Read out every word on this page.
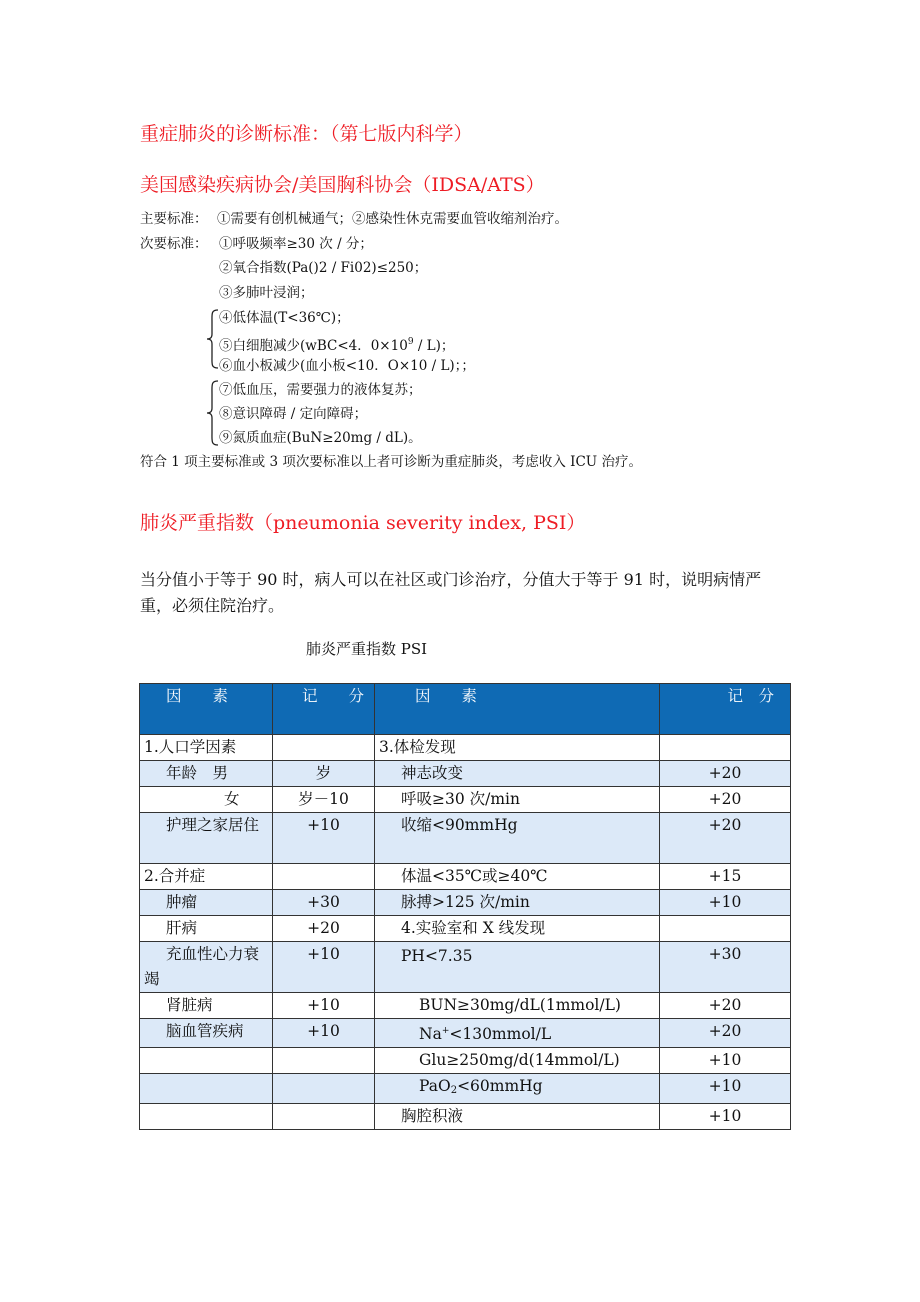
重症肺炎的诊断标准：（第七版内科学）
美国感染疾病协会/美国胸科协会（IDSA/ATS）
主要标准： ①需要有创机械通气；②感染性休克需要血管收缩剂治疗。
次要标准： ①呼吸频率≥30 次 / 分；
②氧合指数(Pa()2 / Fi02)≤250；
③多肺叶浸润；
④低体温(T<36℃)；
⑤白细胞减少(wBC<4．$0\times 10^9 / L$)；
⑥血小板减少(血小板<10．O×10 / L)；；
⑦低血压，需要强力的液体复苏；
⑧意识障碍 / 定向障碍；
⑨氮质血症(BuN≥20mg / dL)。
符合 1 项主要标准或 3 项次要标准以上者可诊断为重症肺炎，考虑收入 ICU 治疗。
肺炎严重指数（pneumonia severity index, PSI）
当分值小于等于 90 时，病人可以在社区或门诊治疗，分值大于等于 91 时，说明病情严重，必须住院治疗。
肺炎严重指数 PSI
因　　素	记　　分	因　　素	记　分
1.人口学因素		3.体检发现	
年龄　男	岁	神志改变	+20
女	岁－10	呼吸≥30 次/min	+20
护理之家居住	+10	收缩<90mmHg	+20
2.合并症		体温<35℃或≥40℃	+15
肿瘤	+30	脉搏>125 次/min	+10
肝病	+20	4.实验室和 X 线发现	
充血性心力衰竭	+10	PH<7.35	+30
肾脏病	+10	BUN≥30mg/dL(1mmol/L)	+20
脑血管疾病	+10	Na+<130mmol/L	+20
		Glu≥250mg/d(14mmol/L)	+10
		PaO$_2$<60mmHg	+10
		胸腔积液	+10
